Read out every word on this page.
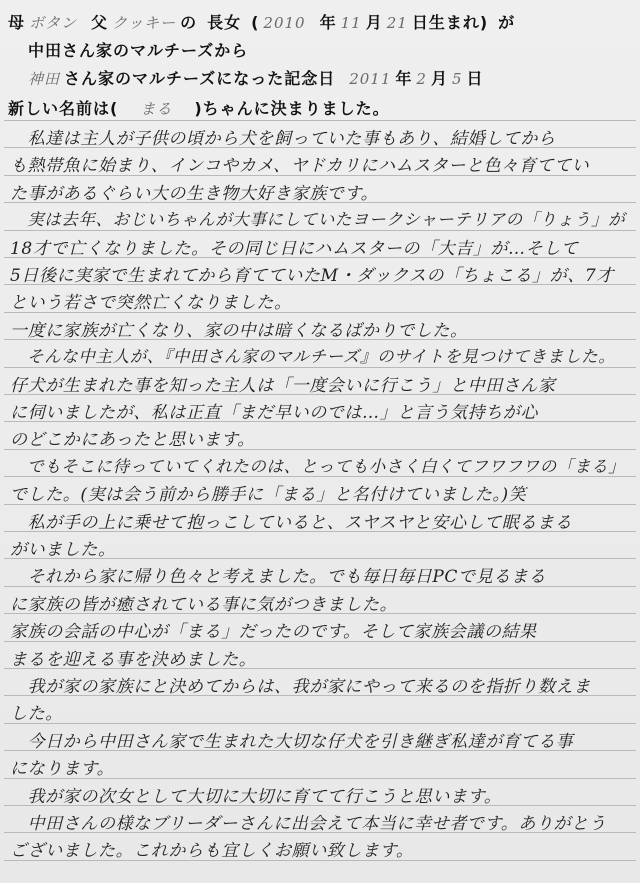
母 ボタン 父 クッキー の 長女 ( 2010 年 11 月 21 日生まれ) が
中田さん家のマルチーズから
神田 さん家のマルチーズになった記念日 2011 年 2 月 5 日
新しい名前は( まる )ちゃんに決まりました。
　私達は主人が子供の頃から犬を飼っていた事もあり、結婚してから
も熱帯魚に始まり、インコやカメ、ヤドカリにハムスターと色々育ててい
た事があるぐらい大の生き物大好き家族です。
　実は去年、おじいちゃんが大事にしていたヨークシャーテリアの「りょう」が
18才で亡くなりました。その同じ日にハムスターの「大吉」が…そして
5日後に実家で生まれてから育てていたM・ダックスの「ちょこる」が、7才
という若さで突然亡くなりました。
一度に家族が亡くなり、家の中は暗くなるばかりでした。
　そんな中主人が、『中田さん家のマルチーズ』のサイトを見つけてきました。
仔犬が生まれた事を知った主人は「一度会いに行こう」と中田さん家
に伺いましたが、私は正直「まだ早いのでは…」と言う気持ちが心
のどこかにあったと思います。
　でもそこに待っていてくれたのは、とっても小さく白くてフワフワの「まる」
でした。(実は会う前から勝手に「まる」と名付けていました。)笑
　私が手の上に乗せて抱っこしていると、スヤスヤと安心して眠るまる
がいました。
　それから家に帰り色々と考えました。でも毎日毎日PCで見るまる
に家族の皆が癒されている事に気がつきました。
家族の会話の中心が「まる」だったのです。そして家族会議の結果
まるを迎える事を決めました。
　我が家の家族にと決めてからは、我が家にやって来るのを指折り数えま
した。
　今日から中田さん家で生まれた大切な仔犬を引き継ぎ私達が育てる事
になります。
　我が家の次女として大切に大切に育てて行こうと思います。
　中田さんの様なブリーダーさんに出会えて本当に幸せ者です。ありがとう
ございました。これからも宜しくお願い致します。
